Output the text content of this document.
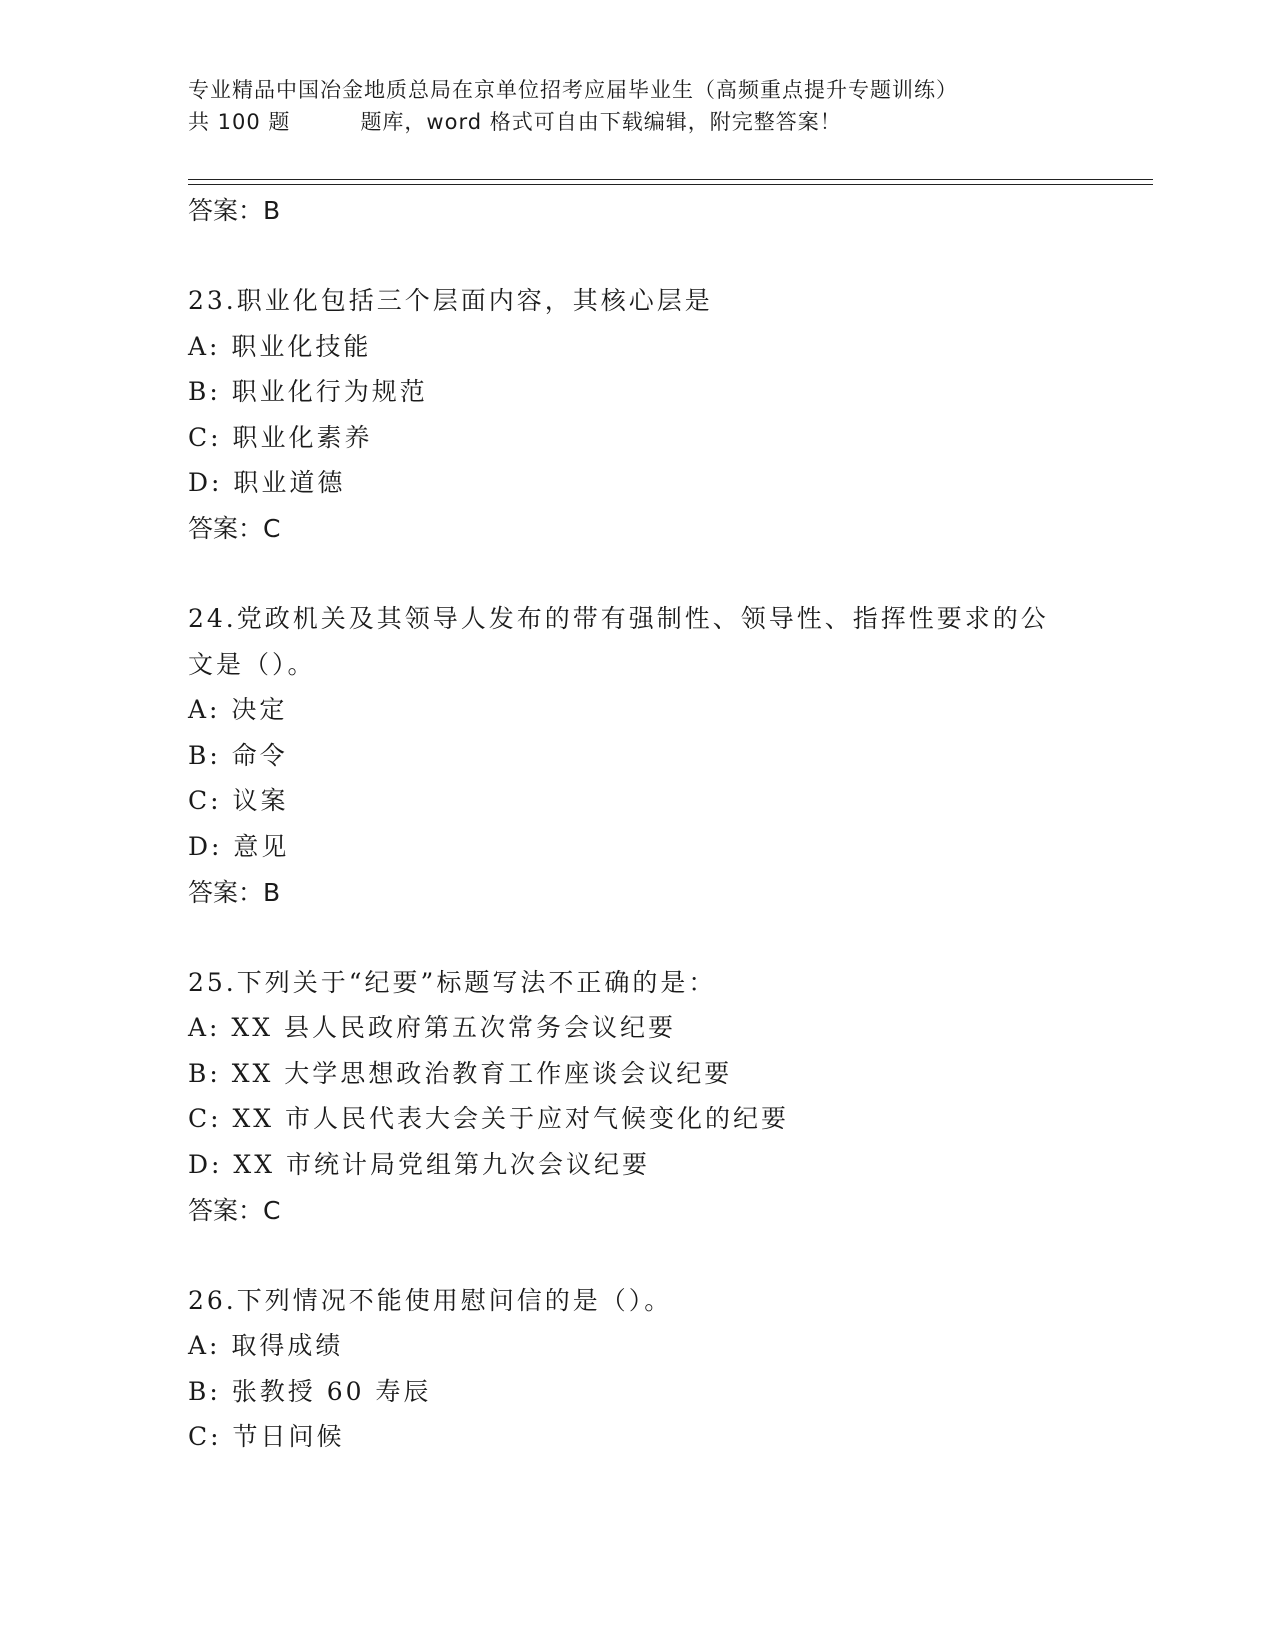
专业精品中国冶金地质总局在京单位招考应届毕业生（高频重点提升专题训练）
共 100 题	题库，word 格式可自由下载编辑，附完整答案！
答案：B
23.职业化包括三个层面内容，其核心层是
A: 职业化技能
B: 职业化行为规范
C: 职业化素养
D: 职业道德
答案：C
24.党政机关及其领导人发布的带有强制性、领导性、指挥性要求的公
文是（）。
A: 决定
B: 命令
C: 议案
D: 意见
答案：B
25.下列关于“纪要”标题写法不正确的是：
A: XX 县人民政府第五次常务会议纪要
B: XX 大学思想政治教育工作座谈会议纪要
C: XX 市人民代表大会关于应对气候变化的纪要
D: XX 市统计局党组第九次会议纪要
答案：C
26.下列情况不能使用慰问信的是（）。
A: 取得成绩
B: 张教授 60 寿辰
C: 节日问候
